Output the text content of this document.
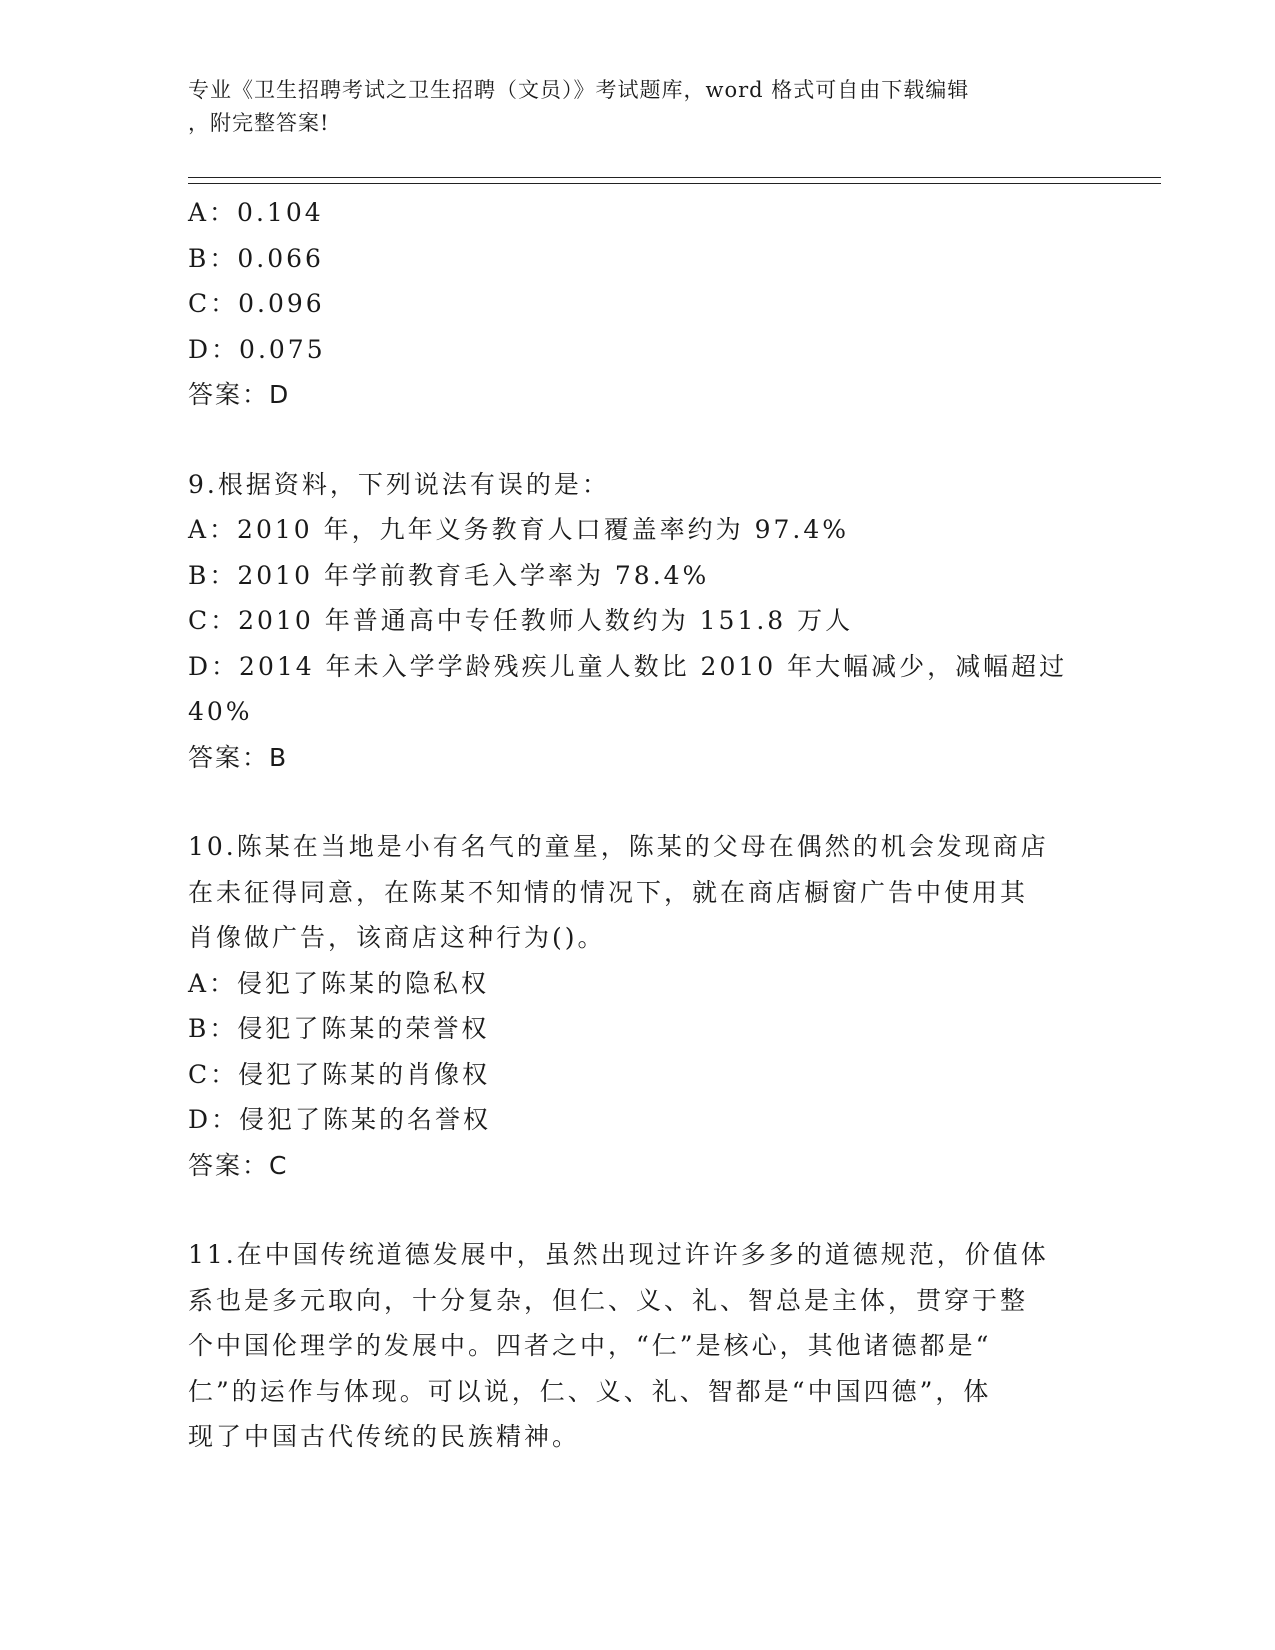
专业《卫生招聘考试之卫生招聘（文员）》考试题库，word 格式可自由下载编辑
，附完整答案!
A：0.104
B：0.066
C：0.096
D：0.075
答案：D
9.根据资料，下列说法有误的是：
A：2010 年，九年义务教育人口覆盖率约为 97.4%
B：2010 年学前教育毛入学率为 78.4%
C：2010 年普通高中专任教师人数约为 151.8 万人
D：2014 年未入学学龄残疾儿童人数比 2010 年大幅减少，减幅超过
40%
答案：B
10.陈某在当地是小有名气的童星，陈某的父母在偶然的机会发现商店
在未征得同意，在陈某不知情的情况下，就在商店橱窗广告中使用其
肖像做广告，该商店这种行为()。
A：侵犯了陈某的隐私权
B：侵犯了陈某的荣誉权
C：侵犯了陈某的肖像权
D：侵犯了陈某的名誉权
答案：C
11.在中国传统道德发展中，虽然出现过许许多多的道德规范，价值体
系也是多元取向，十分复杂，但仁、义、礼、智总是主体，贯穿于整
个中国伦理学的发展中。四者之中，“仁”是核心，其他诸德都是“
仁”的运作与体现。可以说，仁、义、礼、智都是“中国四德”，体
现了中国古代传统的民族精神。
